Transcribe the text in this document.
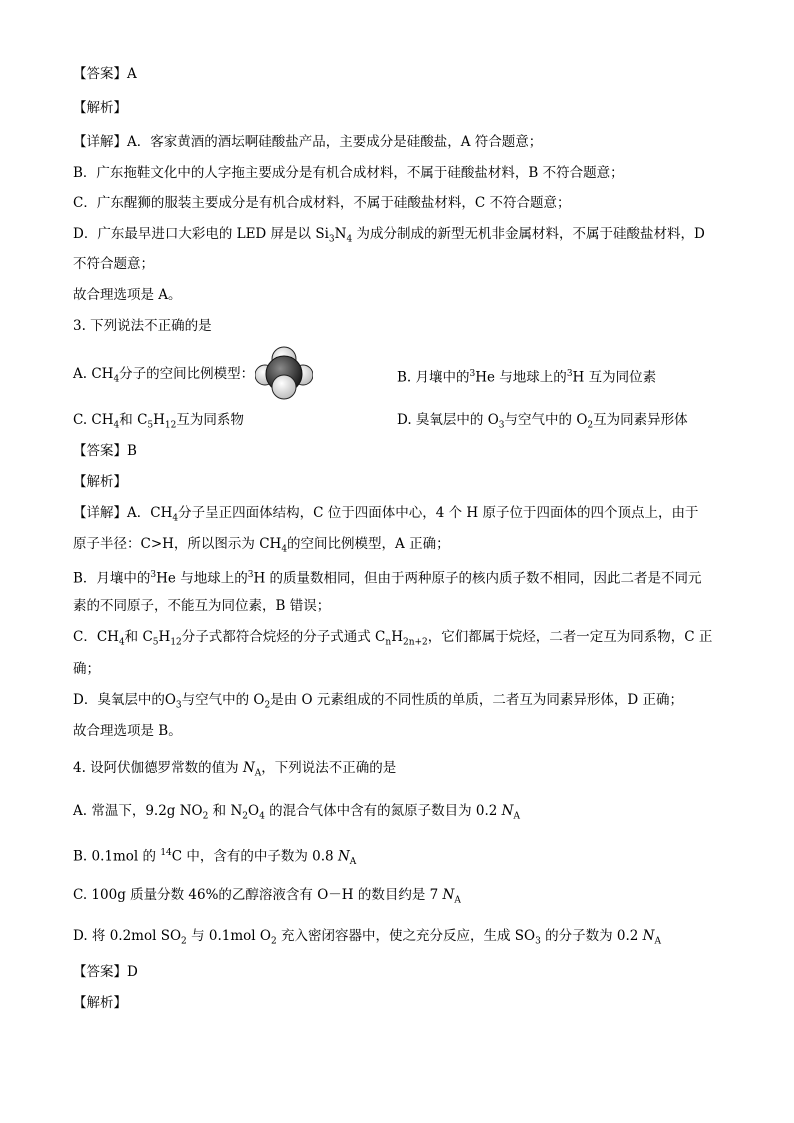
【答案】A
【解析】
【详解】A．客家黄酒的酒坛啊硅酸盐产品，主要成分是硅酸盐，A 符合题意；
B．广东拖鞋文化中的人字拖主要成分是有机合成材料，不属于硅酸盐材料，B 不符合题意；
C．广东醒狮的服装主要成分是有机合成材料，不属于硅酸盐材料，C 不符合题意；
D．广东最早进口大彩电的 LED 屏是以 $Si_3N_4$ 为成分制成的新型无机非金属材料，不属于硅酸盐材料，D
不符合题意；
故合理选项是 A。
3. 下列说法不正确的是
A. $CH_4$分子的空间比例模型：	B. 月壤中的$^3$He 与地球上的$^3$H 互为同位素
C. $CH_4$和 $C_5H_{12}$互为同系物	D. 臭氧层中的 $O_3$与空气中的 $O_2$互为同素异形体
【答案】B
【解析】
【详解】A．$CH_4$分子呈正四面体结构，C 位于四面体中心，4 个 H 原子位于四面体的四个顶点上，由于
原子半径：C>H，所以图示为 $CH_4$的空间比例模型，A 正确；
B．月壤中的$^3$He 与地球上的$^3$H 的质量数相同，但由于两种原子的核内质子数不相同，因此二者是不同元
素的不同原子，不能互为同位素，B 错误；
C．$CH_4$和 $C_5H_{12}$分子式都符合烷烃的分子式通式 $C_nH_{2n+2}$，它们都属于烷烃，二者一定互为同系物，C 正
确；
D．臭氧层中的$O_3$与空气中的 $O_2$是由 O 元素组成的不同性质的单质，二者互为同素异形体，D 正确；
故合理选项是 B。
4. 设阿伏伽德罗常数的值为 $N_A$，下列说法不正确的是
A. 常温下，9.2g $NO_2$ 和 $N_2O_4$ 的混合气体中含有的氮原子数目为 0.2 $N_A$
B. 0.1mol 的 $^{14}$C 中，含有的中子数为 0.8 $N_A$
C. 100g 质量分数 46%的乙醇溶液含有 O－H 的数目约是 7 $N_A$
D. 将 0.2mol $SO_2$ 与 0.1mol $O_2$ 充入密闭容器中，使之充分反应，生成 $SO_3$ 的分子数为 0.2 $N_A$
【答案】D
【解析】
